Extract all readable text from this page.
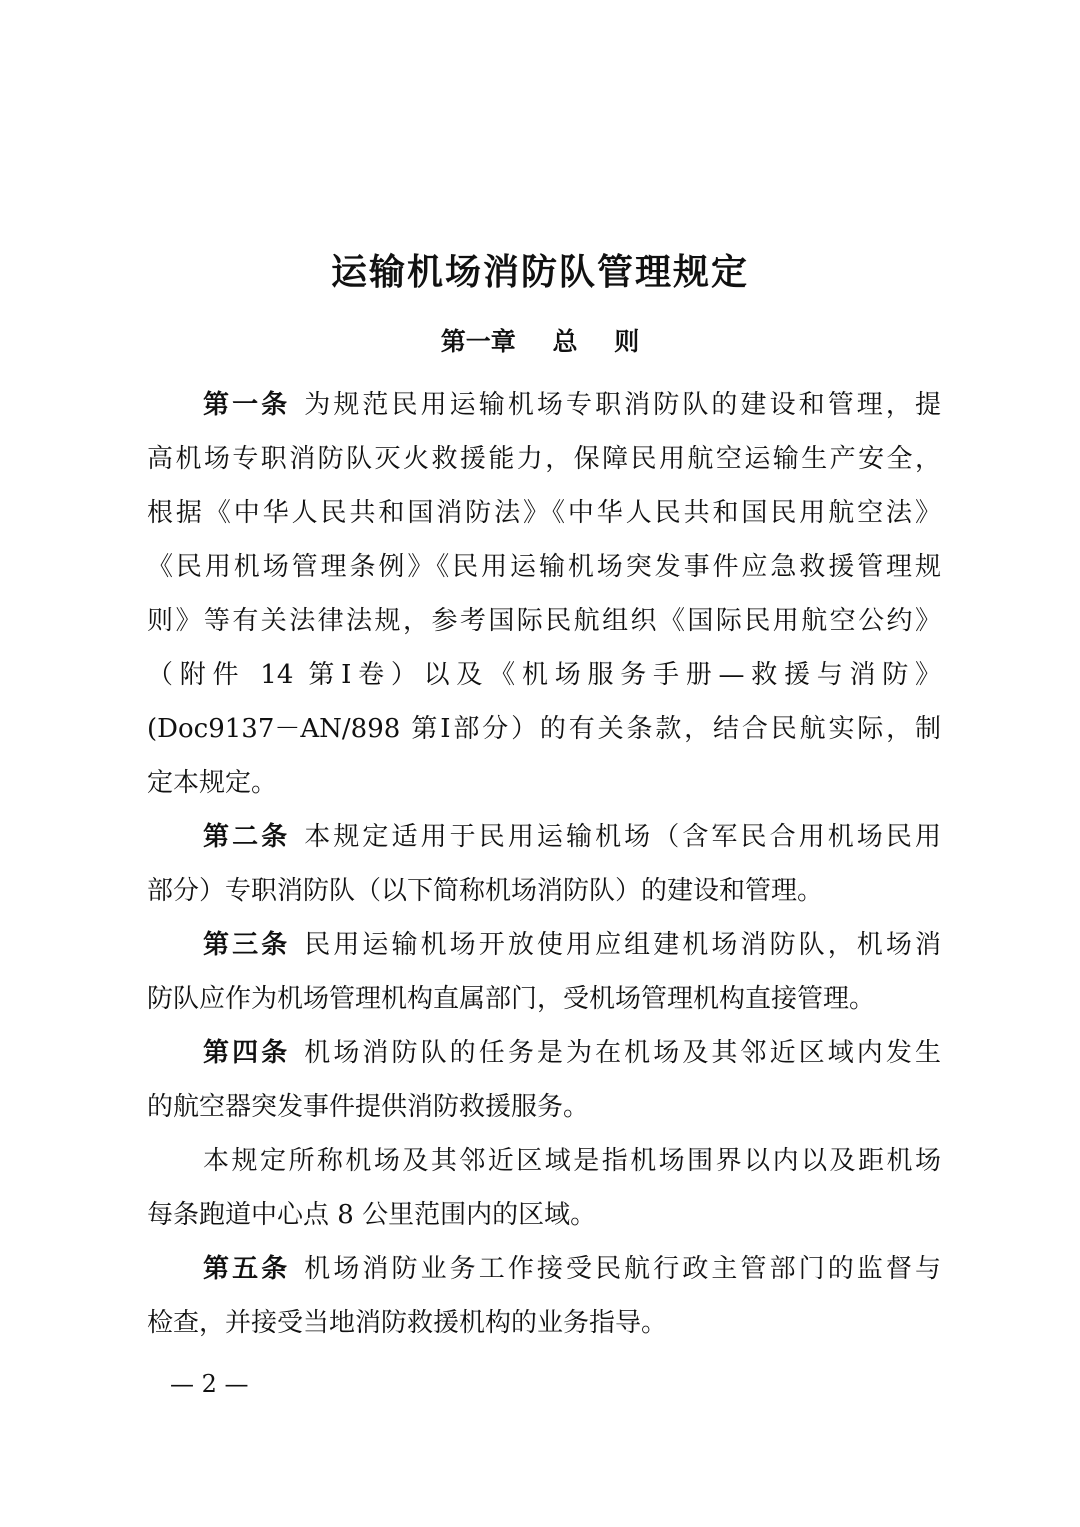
运输机场消防队管理规定
第一章 总 则
第一条 为规范民用运输机场专职消防队的建设和管理，提
高机场专职消防队灭火救援能力，保障民用航空运输生产安全，
根据《中华人民共和国消防法》《中华人民共和国民用航空法》
《民用机场管理条例》《民用运输机场突发事件应急救援管理规
则》等有关法律法规，参考国际民航组织《国际民用航空公约》
（附件 14 第Ⅰ卷）以及《机场服务手册—救援与消防》
(Doc9137－AN/898 第Ⅰ部分）的有关条款，结合民航实际，制
定本规定。
第二条 本规定适用于民用运输机场（含军民合用机场民用
部分）专职消防队（以下简称机场消防队）的建设和管理。
第三条 民用运输机场开放使用应组建机场消防队，机场消
防队应作为机场管理机构直属部门，受机场管理机构直接管理。
第四条 机场消防队的任务是为在机场及其邻近区域内发生
的航空器突发事件提供消防救援服务。
本规定所称机场及其邻近区域是指机场围界以内以及距机场
每条跑道中心点 8 公里范围内的区域。
第五条 机场消防业务工作接受民航行政主管部门的监督与
检查，并接受当地消防救援机构的业务指导。
— 2 —
